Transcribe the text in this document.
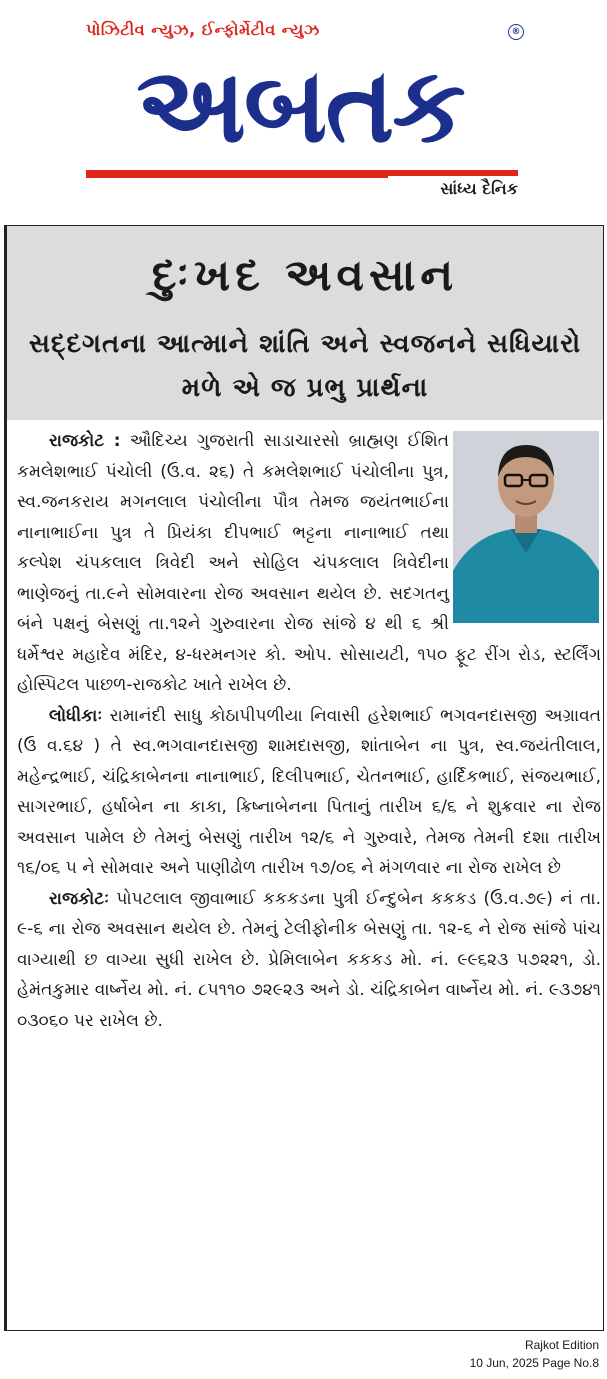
પોઝિટીવ ન્યુઝ, ઈન્ફોર્મેટીવ ન્યુઝ	®
અબતક
સાંધ્ય દૈનિક
દુઃખદ અવસાન
સદ્દગતના આત્માને શાંતિ અને સ્વજનને સધિયારો મળે એ જ પ્રભુ પ્રાર્થના

રાજકોટ : ઔદિચ્ય ગુજરાતી સાડાચારસો બ્રાહ્મણ ઈશિત કમલેશભાઈ પંચોલી (ઉ.વ. ૨૬) તે કમલેશભાઈ પંચોલીના પુત્ર, સ્વ.જનકરાય મગનલાલ પંચોલીના પૌત્ર તેમજ જયંતભાઈના નાનાભાઈના પુત્ર તે પ્રિયંકા દીપભાઈ ભટ્ટના નાનાભાઈ તથા કલ્પેશ ચંપકલાલ ત્રિવેદી અને સોહિલ ચંપકલાલ ત્રિવેદીના ભાણેજનું તા.૯ને સોમવારના રોજ અવસાન થયેલ છે. સદગતનુ બંને પક્ષનું બેસણું તા.૧૨ને ગુરુવારના રોજ સાંજે ૪ થી ૬ શ્રી ધર્મેશ્વર મહાદેવ મંદિર, ૪-ધરમનગર કો. ઓપ. સોસાયટી, ૧૫૦ ફૂટ રીંગ રોડ, સ્ટર્લિંગ હોસ્પિટલ પાછળ-રાજકોટ ખાતે રાખેલ છે.

લોધીકાઃ રામાનંદી સાધુ કોઠાપીપળીયા નિવાસી હરેશભાઈ ભગવનદાસજી અગ્રાવત (ઉ વ.૬૪ ) તે સ્વ.ભગવાનદાસજી શામદાસજી, શાંતાબેન ના પુત્ર, સ્વ.જયંતીલાલ, મહેન્દ્રભાઈ, ચંદ્રિકાબેનના નાનાભાઈ, દિલીપભાઈ, ચેતનભાઈ, હાર્દિકભાઈ, સંજયભાઈ, સાગરભાઈ, હર્ષાબેન ના કાકા, ક્રિષ્નાબેનના પિતાનું તારીખ ૬/૬ ને શુક્રવાર ના રોજ અવસાન પામેલ છે તેમનું બેસણું તારીખ ૧૨/૬ ને ગુરુવારે, તેમજ તેમની દશા તારીખ ૧૬/૦૬ ૫ ને સોમવાર અને પાણીઢોળ તારીખ ૧૭/૦૬ ને મંગળવાર ના રોજ રાખેલ છે

રાજકોટઃ પોપટલાલ જીવાભાઈ કકકડના પુત્રી ઈન્દુબેન કકકડ (ઉ.વ.૭૯) નં તા. ૯-૬ ના રોજ અવસાન થયેલ છે. તેમનું ટેલીફોનીક બેસણું તા. ૧૨-૬ ને રોજ સાંજે પાંચ વાગ્યાથી છ વાગ્યા સુધી રાખેલ છે. પ્રેમિલાબેન કકકડ મો. નં. ૯૯૬૨૩ ૫૭૨૨૧, ડો. હેમંતકુમાર વાર્ષ્નેય મો. નં. ૮૫૧૧૦ ૭૨૯૨૩ અને ડો. ચંદ્રિકાબેન વાર્ષ્નેય મો. નં. ૯૩૭૪૧ ૦૩૦૬૦ પર રાખેલ છે.

Rajkot Edition
10 Jun, 2025 Page No.8
